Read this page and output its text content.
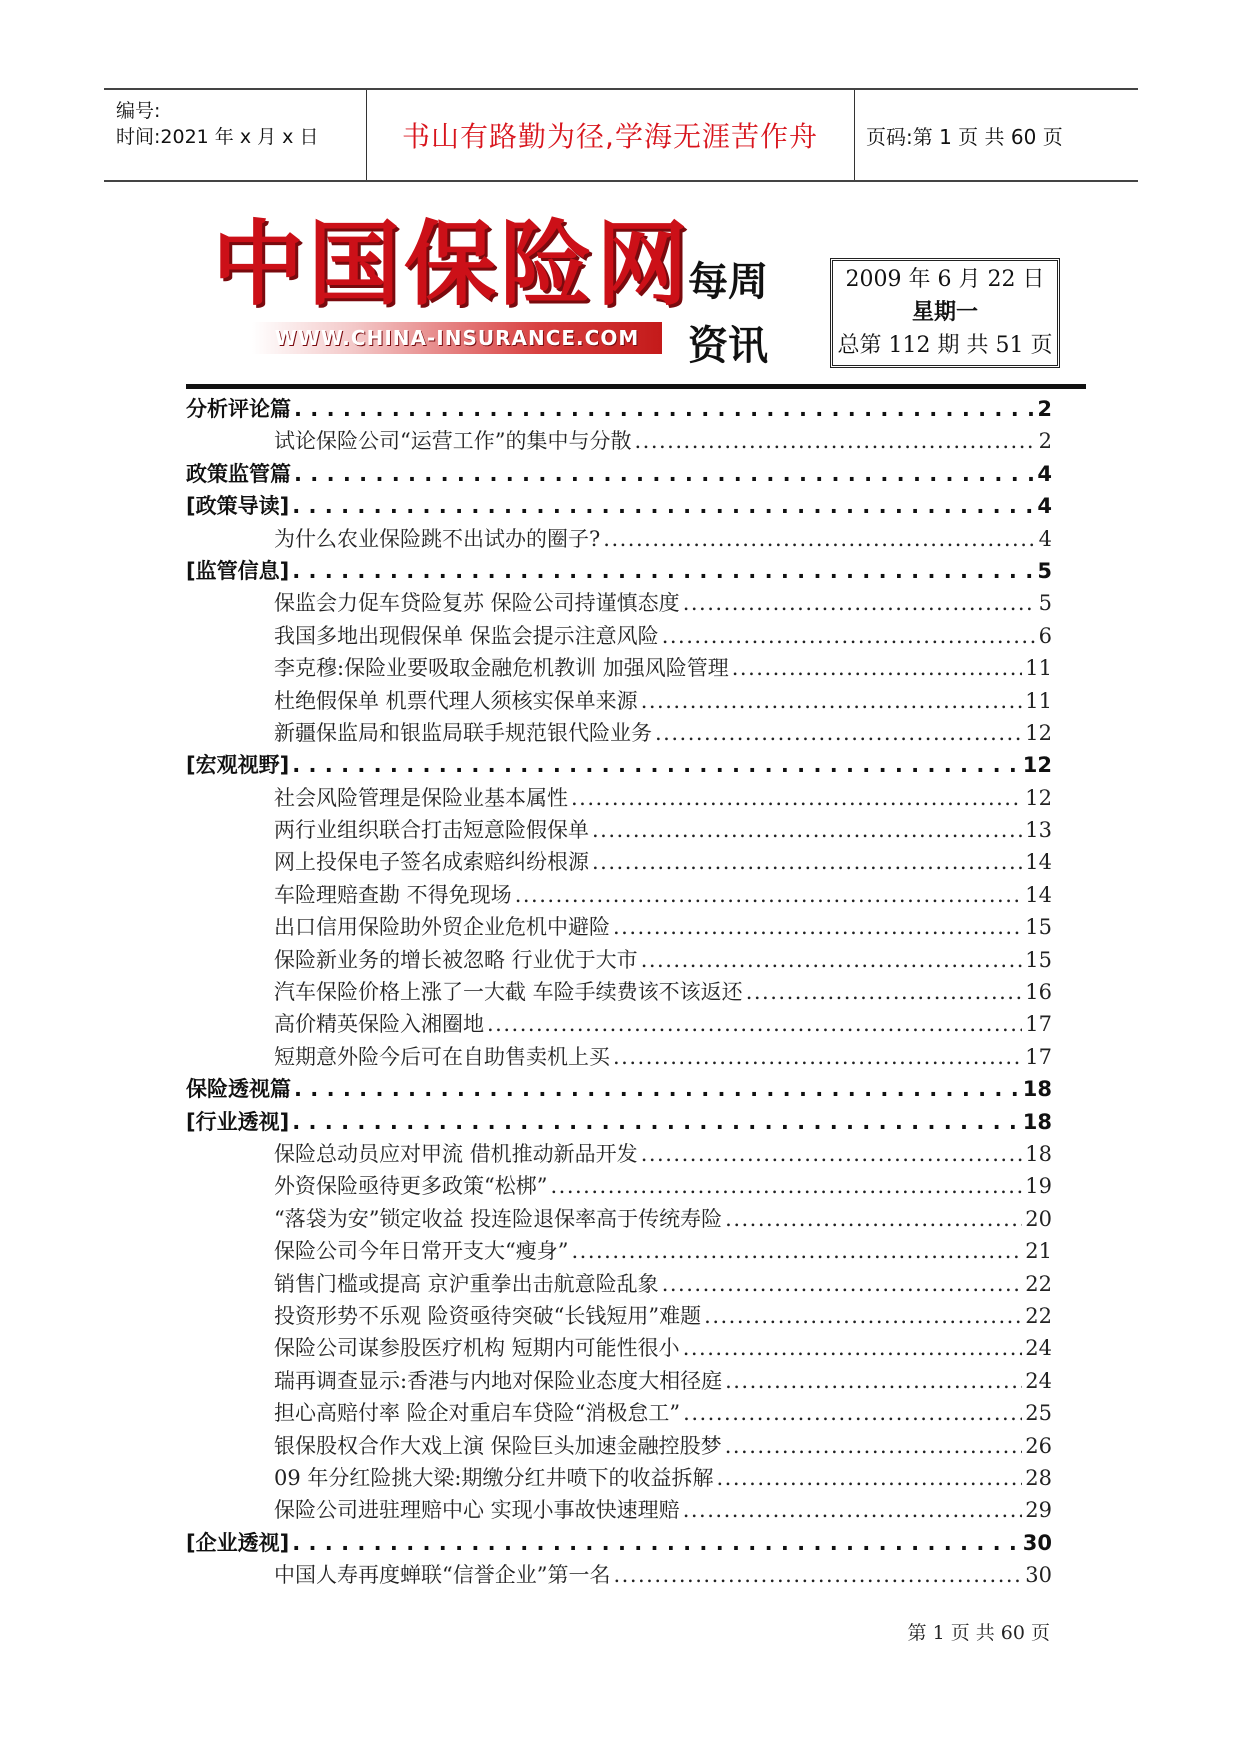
编号:
时间:2021 年 x 月 x 日	书山有路勤为径,学海无涯苦作舟 页码:第 1 页 共 60 页
中国保险网
WWW.CHINA-INSURANCE.COM
每周
资讯
2009 年 6 月 22 日
星期一
总第 112 期 共 51 页
分析评论篇 . . .	2
试论保险公司“运营工作”的集中与分散 .....	2
政策监管篇 . . .	4
[政策导读] . . .	4
为什么农业保险跳不出试办的圈子? .....	4
[监管信息] . . .	5
保监会力促车贷险复苏 保险公司持谨慎态度 .....	5
我国多地出现假保单 保监会提示注意风险 .....	6
李克穆:保险业要吸取金融危机教训 加强风险管理 .....	11
杜绝假保单 机票代理人须核实保单来源 .....	11
新疆保监局和银监局联手规范银代险业务 .....	12
[宏观视野] . . .	12
社会风险管理是保险业基本属性 .....	12
两行业组织联合打击短意险假保单 .....	13
网上投保电子签名成索赔纠纷根源 .....	14
车险理赔查勘 不得免现场 .....	14
出口信用保险助外贸企业危机中避险 .....	15
保险新业务的增长被忽略 行业优于大市 .....	15
汽车保险价格上涨了一大截 车险手续费该不该返还 .....	16
高价精英保险入湘圈地 .....	17
短期意外险今后可在自助售卖机上买 .....	17
保险透视篇 . . .	18
[行业透视] . . .	18
保险总动员应对甲流 借机推动新品开发 .....	18
外资保险亟待更多政策“松梆” .....	19
“落袋为安”锁定收益 投连险退保率高于传统寿险 .....	20
保险公司今年日常开支大“瘦身” .....	21
销售门槛或提高 京沪重拳出击航意险乱象 .....	22
投资形势不乐观 险资亟待突破“长钱短用”难题 .....	22
保险公司谋参股医疗机构 短期内可能性很小 .....	24
瑞再调查显示:香港与内地对保险业态度大相径庭 .....	24
担心高赔付率 险企对重启车贷险“消极怠工” .....	25
银保股权合作大戏上演 保险巨头加速金融控股梦 .....	26
09 年分红险挑大梁:期缴分红井喷下的收益拆解 .....	28
保险公司进驻理赔中心 实现小事故快速理赔 .....	29
[企业透视] . . .	30
中国人寿再度蝉联“信誉企业”第一名 .....	30
第 1 页 共 60 页
